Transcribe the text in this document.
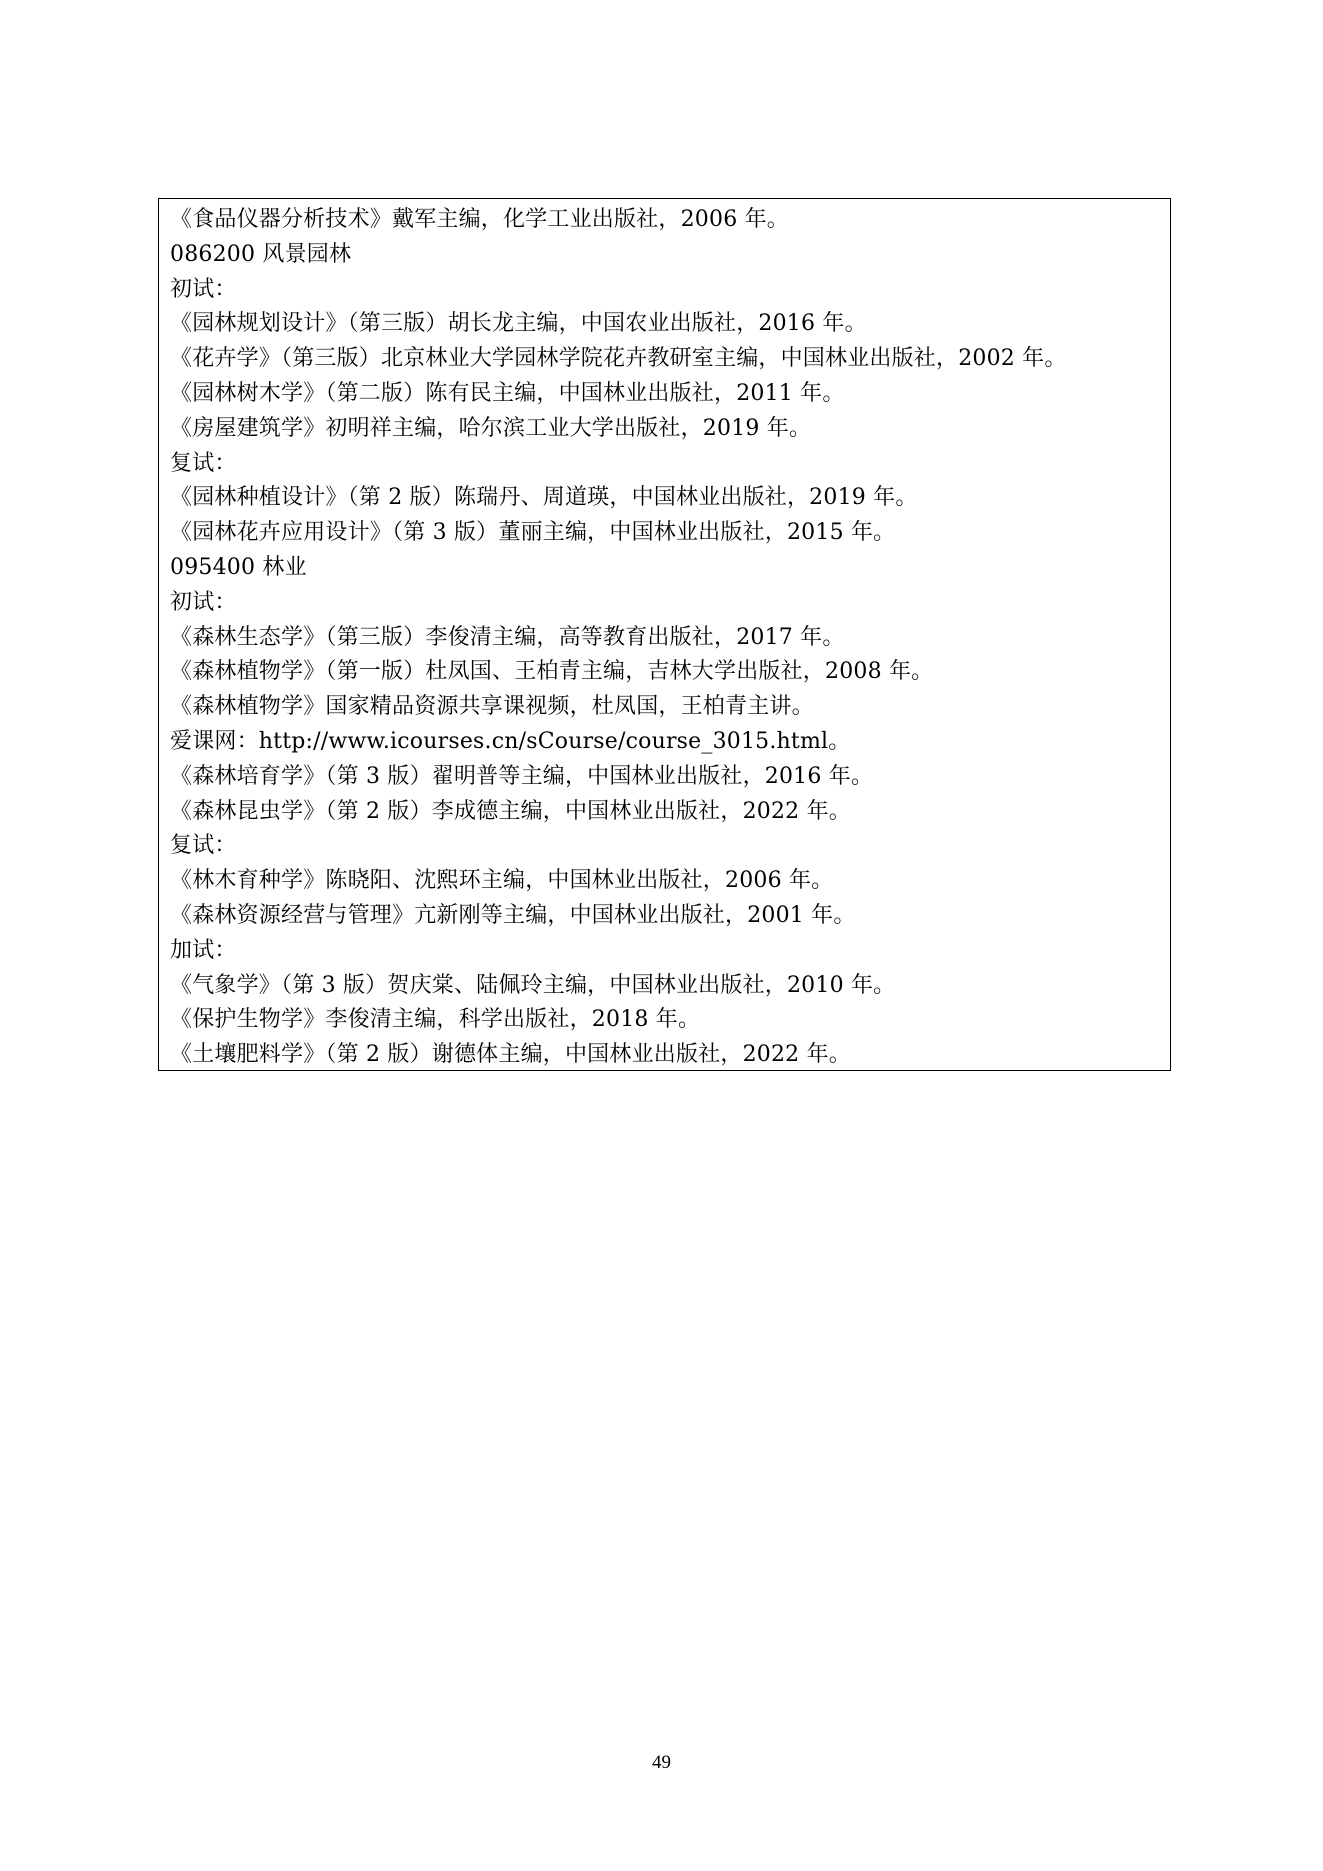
《食品仪器分析技术》戴军主编，化学工业出版社，2006 年。
086200 风景园林
初试：
《园林规划设计》（第三版）胡长龙主编，中国农业出版社，2016 年。
《花卉学》（第三版）北京林业大学园林学院花卉教研室主编，中国林业出版社，2002 年。
《园林树木学》（第二版）陈有民主编，中国林业出版社，2011 年。
《房屋建筑学》初明祥主编，哈尔滨工业大学出版社，2019 年。
复试：
《园林种植设计》（第 2 版）陈瑞丹、周道瑛，中国林业出版社，2019 年。
《园林花卉应用设计》（第 3 版）董丽主编，中国林业出版社，2015 年。
095400 林业
初试：
《森林生态学》（第三版）李俊清主编，高等教育出版社，2017 年。
《森林植物学》（第一版）杜凤国、王柏青主编，吉林大学出版社，2008 年。
《森林植物学》国家精品资源共享课视频，杜凤国，王柏青主讲。
爱课网：http://www.icourses.cn/sCourse/course_3015.html。
《森林培育学》（第 3 版）翟明普等主编，中国林业出版社，2016 年。
《森林昆虫学》（第 2 版）李成德主编，中国林业出版社，2022 年。
复试：
《林木育种学》陈晓阳、沈熙环主编，中国林业出版社，2006 年。
《森林资源经营与管理》亢新刚等主编，中国林业出版社，2001 年。
加试：
《气象学》（第 3 版）贺庆棠、陆佩玲主编，中国林业出版社，2010 年。
《保护生物学》李俊清主编，科学出版社，2018 年。
《土壤肥料学》（第 2 版）谢德体主编，中国林业出版社，2022 年。
49
